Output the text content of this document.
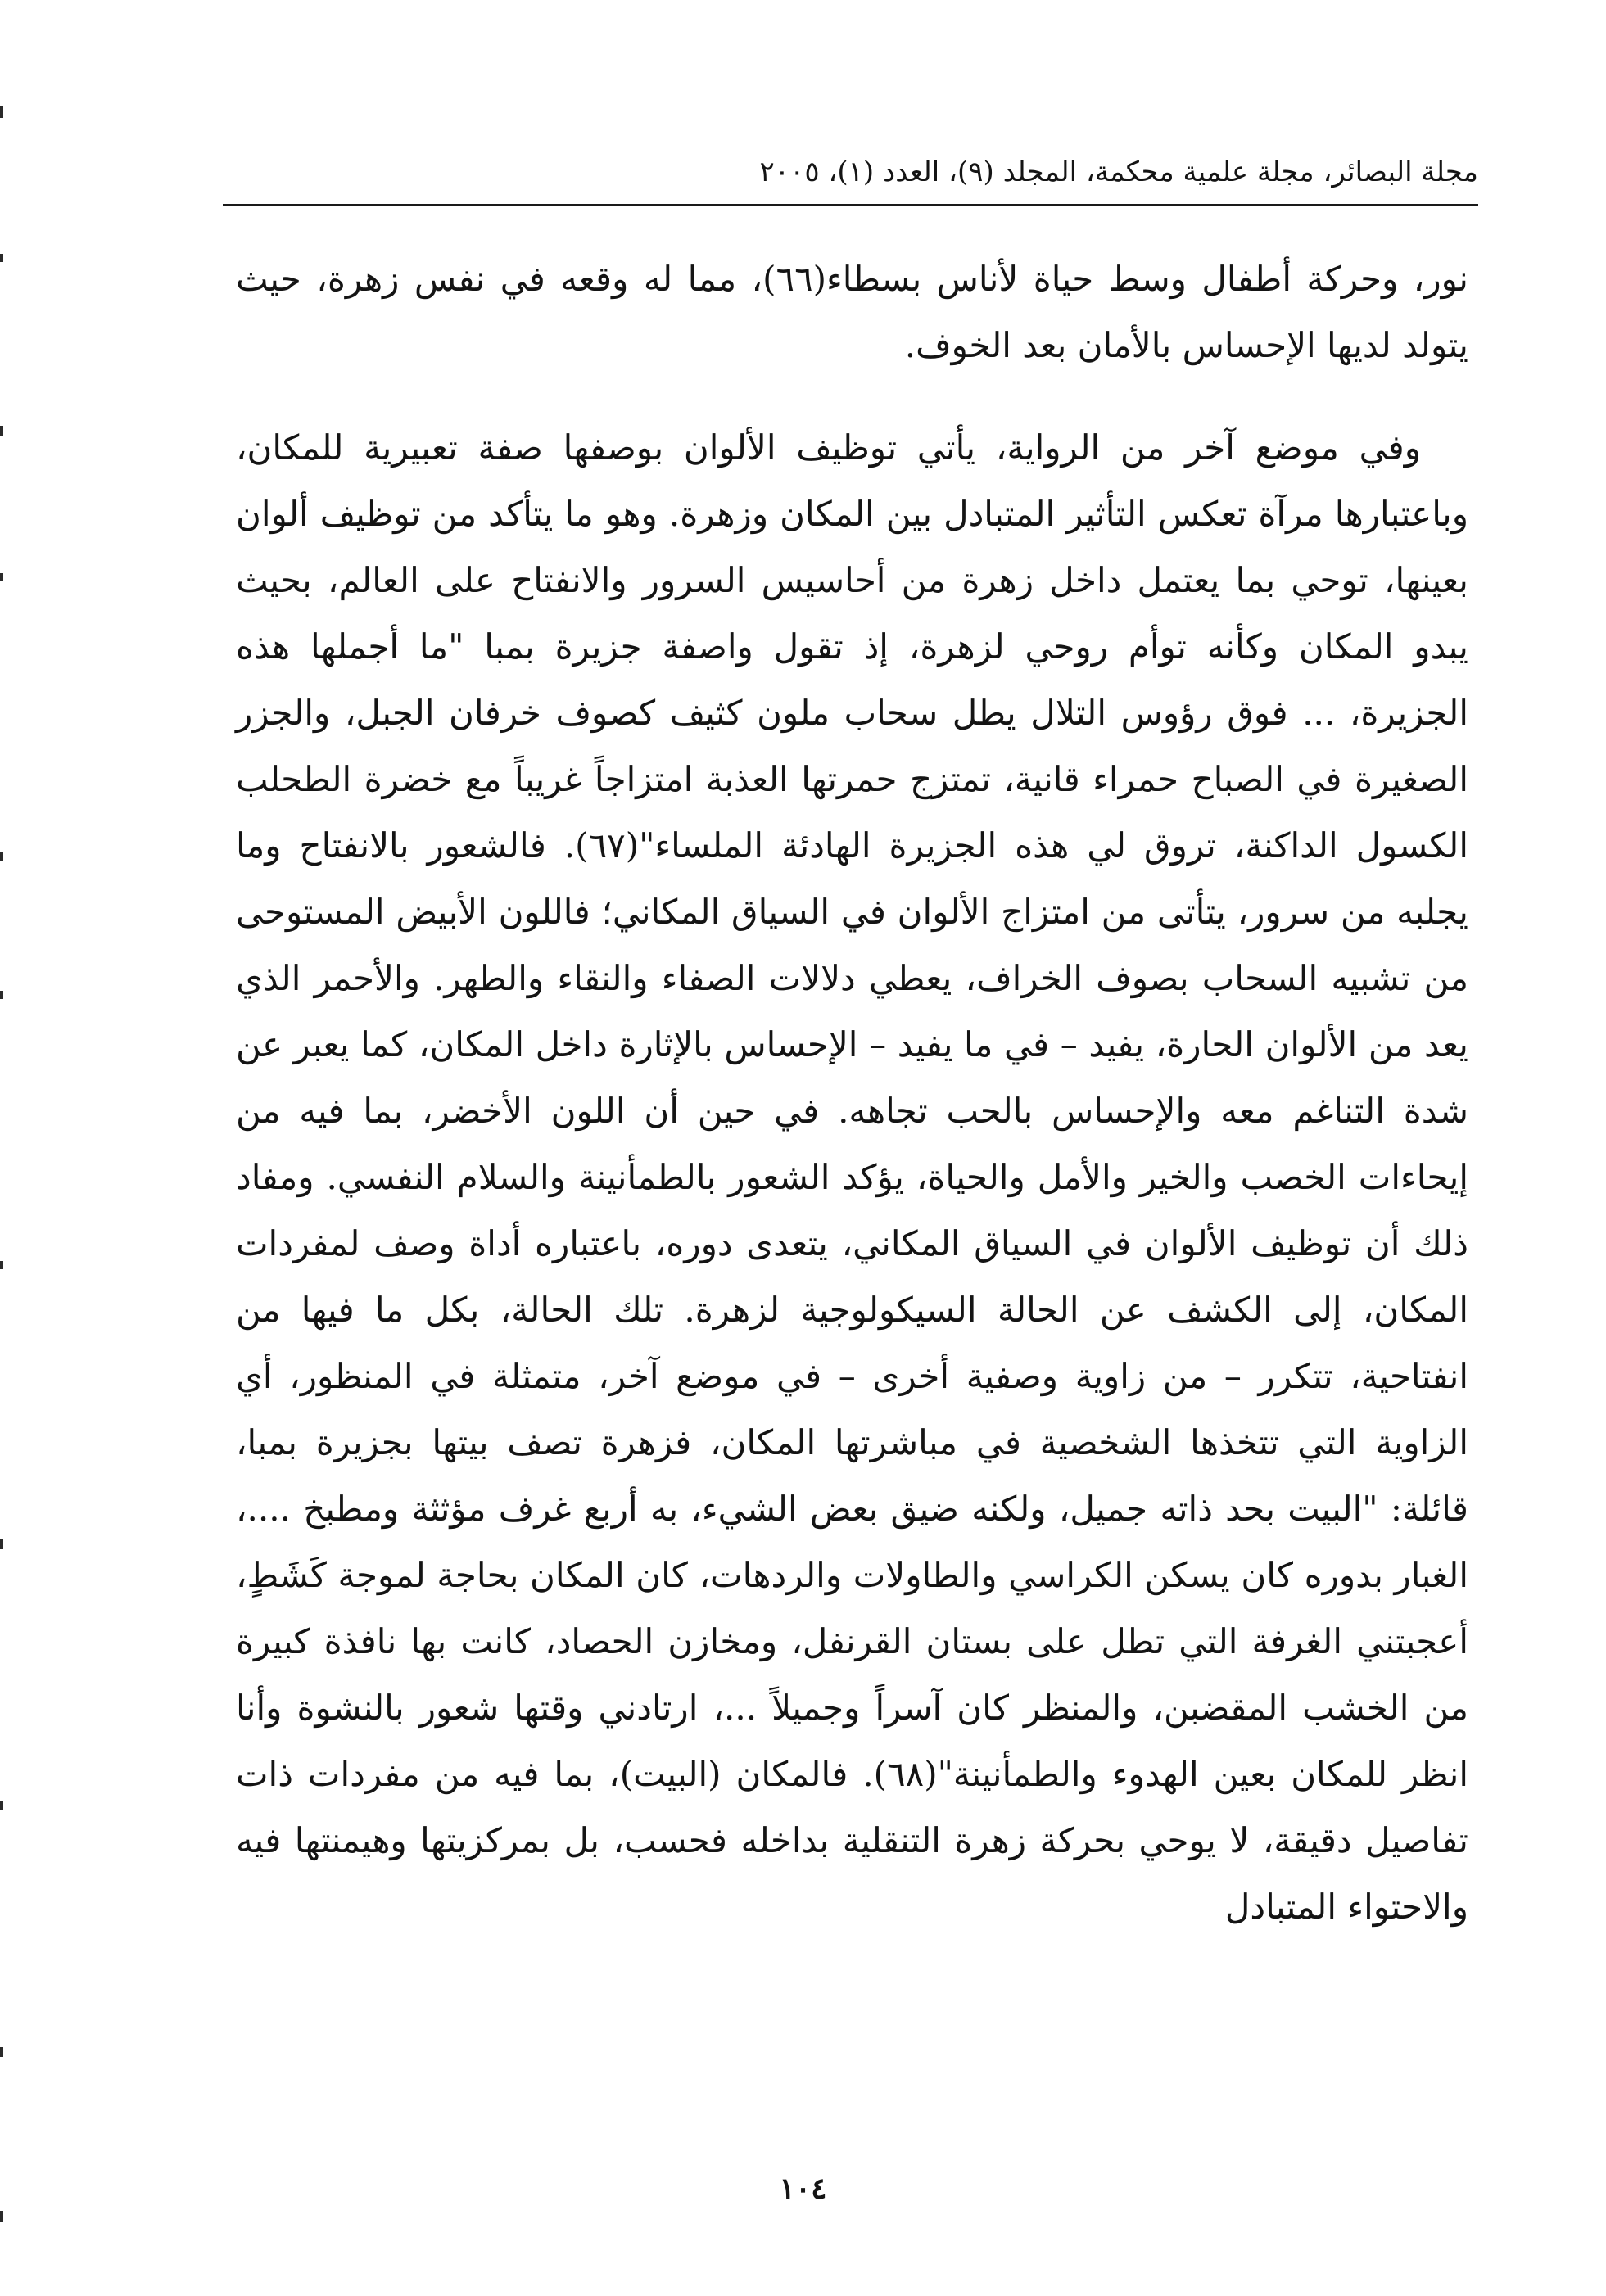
مجلة البصائر، مجلة علمية محكمة، المجلد (٩)، العدد (١)، ٢٠٠٥

نور، وحركة أطفال وسط حياة لأناس بسطاء(٦٦)، مما له وقعه في نفس زهرة، حيث يتولد لديها الإحساس بالأمان بعد الخوف.

وفي موضع آخر من الرواية، يأتي توظيف الألوان بوصفها صفة تعبيرية للمكان، وباعتبارها مرآة تعكس التأثير المتبادل بين المكان وزهرة. وهو ما يتأكد من توظيف ألوان بعينها، توحي بما يعتمل داخل زهرة من أحاسيس السرور والانفتاح على العالم، بحيث يبدو المكان وكأنه توأم روحي لزهرة، إذ تقول واصفة جزيرة بمبا "ما أجملها هذه الجزيرة، ... فوق رؤوس التلال يطل سحاب ملون كثيف كصوف خرفان الجبل، والجزر الصغيرة في الصباح حمراء قانية، تمتزج حمرتها العذبة امتزاجاً غريباً مع خضرة الطحلب الكسول الداكنة، تروق لي هذه الجزيرة الهادئة الملساء"(٦٧). فالشعور بالانفتاح وما يجلبه من سرور، يتأتى من امتزاج الألوان في السياق المكاني؛ فاللون الأبيض المستوحى من تشبيه السحاب بصوف الخراف، يعطي دلالات الصفاء والنقاء والطهر. والأحمر الذي يعد من الألوان الحارة، يفيد – في ما يفيد – الإحساس بالإثارة داخل المكان، كما يعبر عن شدة التناغم معه والإحساس بالحب تجاهه. في حين أن اللون الأخضر، بما فيه من إيحاءات الخصب والخير والأمل والحياة، يؤكد الشعور بالطمأنينة والسلام النفسي. ومفاد ذلك أن توظيف الألوان في السياق المكاني، يتعدى دوره، باعتباره أداة وصف لمفردات المكان، إلى الكشف عن الحالة السيكولوجية لزهرة. تلك الحالة، بكل ما فيها من انفتاحية، تتكرر – من زاوية وصفية أخرى – في موضع آخر، متمثلة في المنظور، أي الزاوية التي تتخذها الشخصية في مباشرتها المكان، فزهرة تصف بيتها بجزيرة بمبا، قائلة: "البيت بحد ذاته جميل، ولكنه ضيق بعض الشيء، به أربع غرف مؤثثة ومطبخ ....، الغبار بدوره كان يسكن الكراسي والطاولات والردهات، كان المكان بحاجة لموجة كَشَطٍ، أعجبتني الغرفة التي تطل على بستان القرنفل، ومخازن الحصاد، كانت بها نافذة كبيرة من الخشب المقضبن، والمنظر كان آسراً وجميلاً ...، ارتادني وقتها شعور بالنشوة وأنا انظر للمكان بعين الهدوء والطمأنينة"(٦٨). فالمكان (البيت)، بما فيه من مفردات ذات تفاصيل دقيقة، لا يوحي بحركة زهرة التنقلية بداخله فحسب، بل بمركزيتها وهيمنتها فيه والاحتواء المتبادل

١٠٤
